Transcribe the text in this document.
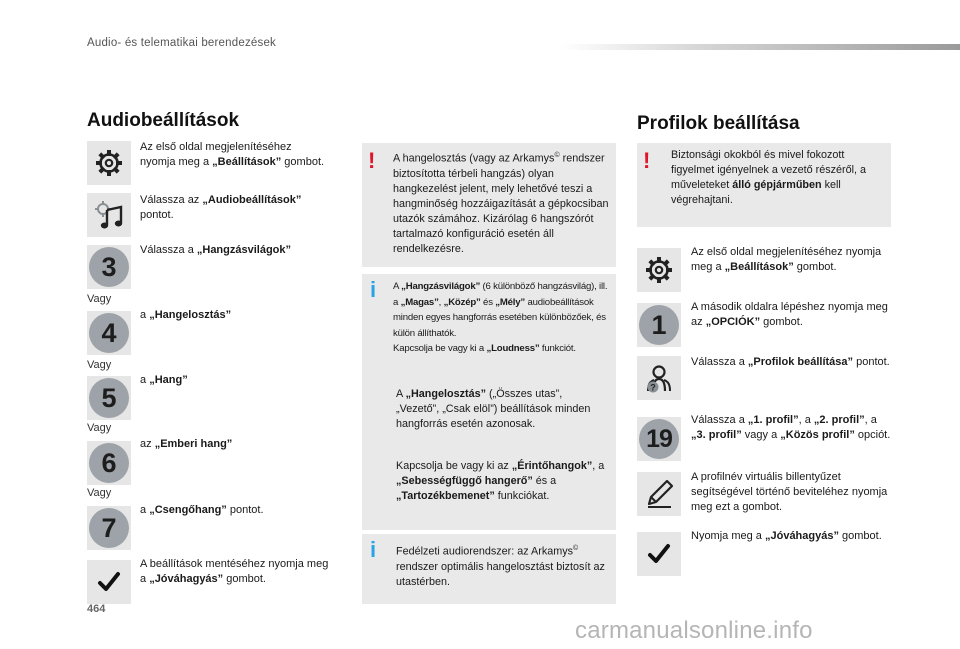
Audio- és telematikai berendezések
Audiobeállítások
Az első oldal megjelenítéséhez nyomja meg a „Beállítások” gombot.
Válassza az „Audiobeállítások” pontot.
3
Válassza a „Hangzásvilágok”
Vagy
4
a „Hangelosztás”
Vagy
5
a „Hang”
Vagy
6
az „Emberi hang”
Vagy
7
a „Csengőhang” pontot.
A beállítások mentéséhez nyomja meg a „Jóváhagyás” gombot.
! A hangelosztás (vagy az Arkamys© rendszer biztosította térbeli hangzás) olyan hangkezelést jelent, mely lehetővé teszi a hangminőség hozzáigazítását a gépkocsiban utazók számához. Kizárólag 6 hangszórót tartalmazó konfiguráció esetén áll rendelkezésre.
i A „Hangzásvilágok” (6 különböző hangzásvilág), ill. a „Magas”, „Közép” és „Mély” audiobeállítások minden egyes hangforrás esetében különbözőek, és külön állíthatók.
Kapcsolja be vagy ki a „Loudness” funkciót.
A „Hangelosztás” („Összes utas”, „Vezető”, „Csak elöl”) beállítások minden hangforrás esetén azonosak.
Kapcsolja be vagy ki az „Érintőhangok”, a „Sebességfüggő hangerő” és a „Tartozékbemenet” funkciókat.
i Fedélzeti audiorendszer: az Arkamys© rendszer optimális hangelosztást biztosít az utastérben.
Profilok beállítása
! Biztonsági okokból és mivel fokozott figyelmet igényelnek a vezető részéről, a műveleteket álló gépjárműben kell végrehajtani.
Az első oldal megjelenítéséhez nyomja meg a „Beállítások” gombot.
1
A második oldalra lépéshez nyomja meg az „OPCIÓK” gombot.
?
Válassza a „Profilok beállítása” pontot.
19
Válassza a „1. profil”, a „2. profil”, a „3. profil” vagy a „Közös profil” opciót.
A profilnév virtuális billentyűzet segítségével történő beviteléhez nyomja meg ezt a gombot.
Nyomja meg a „Jóváhagyás” gombot.
464
carmanualsonline.info
